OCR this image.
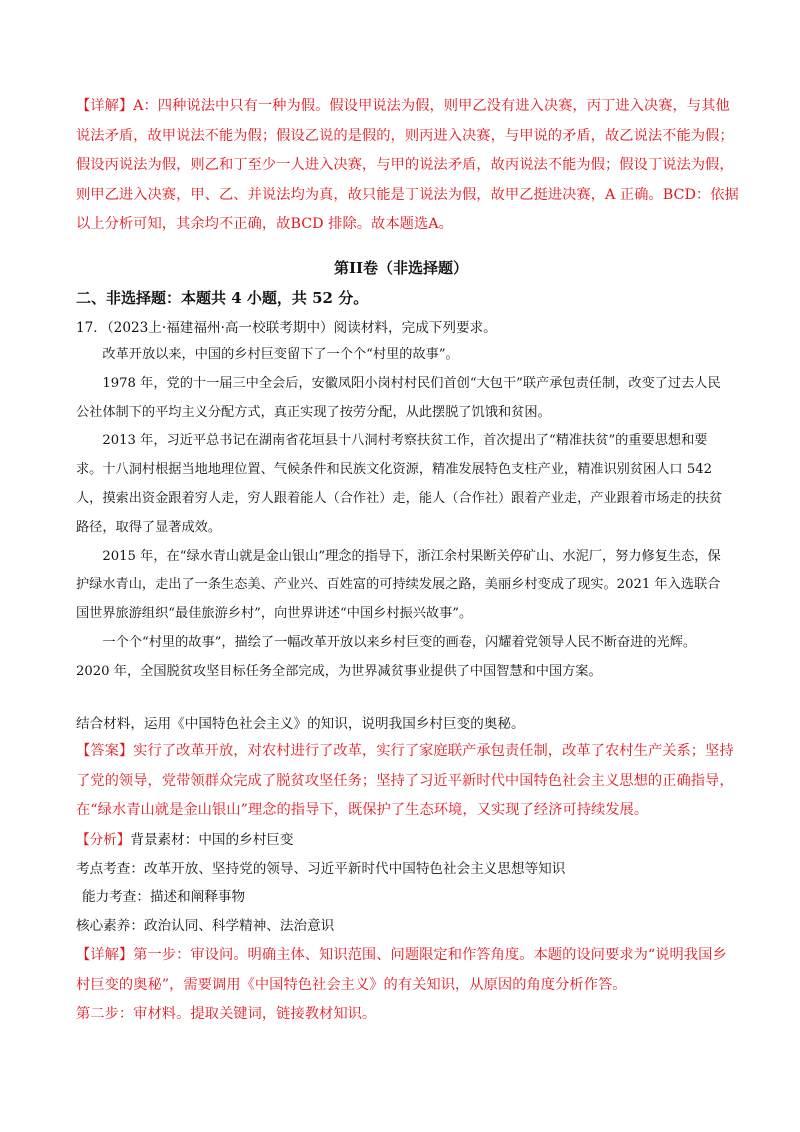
【详解】A：四种说法中只有一种为假。假设甲说法为假，则甲乙没有进入决赛，丙丁进入决赛，与其他
说法矛盾，故甲说法不能为假；假设乙说的是假的，则丙进入决赛，与甲说的矛盾，故乙说法不能为假；
假设丙说法为假，则乙和丁至少一人进入决赛，与甲的说法矛盾，故丙说法不能为假；假设丁说法为假，
则甲乙进入决赛，甲、乙、并说法均为真，故只能是丁说法为假，故甲乙挺进决赛，A 正确。BCD：依据
以上分析可知，其余均不正确，故BCD 排除。故本题选A。
第II卷（非选择题）
二、非选择题：本题共 4 小题，共 52 分。
17．（2023上·福建福州·高一校联考期中）阅读材料，完成下列要求。

改革开放以来，中国的乡村巨变留下了一个个“村里的故事”。

1978 年，党的十一届三中全会后，安徽凤阳小岗村村民们首创“大包干”联产承包责任制，改变了过去人民公社体制下的平均主义分配方式，真正实现了按劳分配，从此摆脱了饥饿和贫困。

2013 年，习近平总书记在湖南省花垣县十八洞村考察扶贫工作，首次提出了“精准扶贫”的重要思想和要求。十八洞村根据当地地理位置、气候条件和民族文化资源，精准发展特色支柱产业，精准识别贫困人口 542 人，摸索出资金跟着穷人走，穷人跟着能人（合作社）走，能人（合作社）跟着产业走，产业跟着市场走的扶贫路径，取得了显著成效。

2015 年，在“绿水青山就是金山银山”理念的指导下，浙江余村果断关停矿山、水泥厂，努力修复生态，保护绿水青山，走出了一条生态美、产业兴、百姓富的可持续发展之路，美丽乡村变成了现实。2021 年入选联合国世界旅游组织“最佳旅游乡村”，向世界讲述“中国乡村振兴故事”。

一个个“村里的故事”，描绘了一幅改革开放以来乡村巨变的画卷，闪耀着党领导人民不断奋进的光辉。2020 年，全国脱贫攻坚目标任务全部完成，为世界减贫事业提供了中国智慧和中国方案。

结合材料，运用《中国特色社会主义》的知识，说明我国乡村巨变的奥秘。

【答案】实行了改革开放，对农村进行了改革，实行了家庭联产承包责任制，改革了农村生产关系；坚持
了党的领导，党带领群众完成了脱贫攻坚任务；坚持了习近平新时代中国特色社会主义思想的正确指导，
在“绿水青山就是金山银山”理念的指导下，既保护了生态环境，又实现了经济可持续发展。

【分析】背景素材：中国的乡村巨变

考点考查：改革开放、坚持党的领导、习近平新时代中国特色社会主义思想等知识

能力考查：描述和阐释事物

核心素养：政治认同、科学精神、法治意识

【详解】第一步：审设问。明确主体、知识范围、问题限定和作答角度。本题的设问要求为“说明我国乡
村巨变的奥秘”，需要调用《中国特色社会主义》的有关知识，从原因的角度分析作答。
第二步：审材料。提取关键词，链接教材知识。
